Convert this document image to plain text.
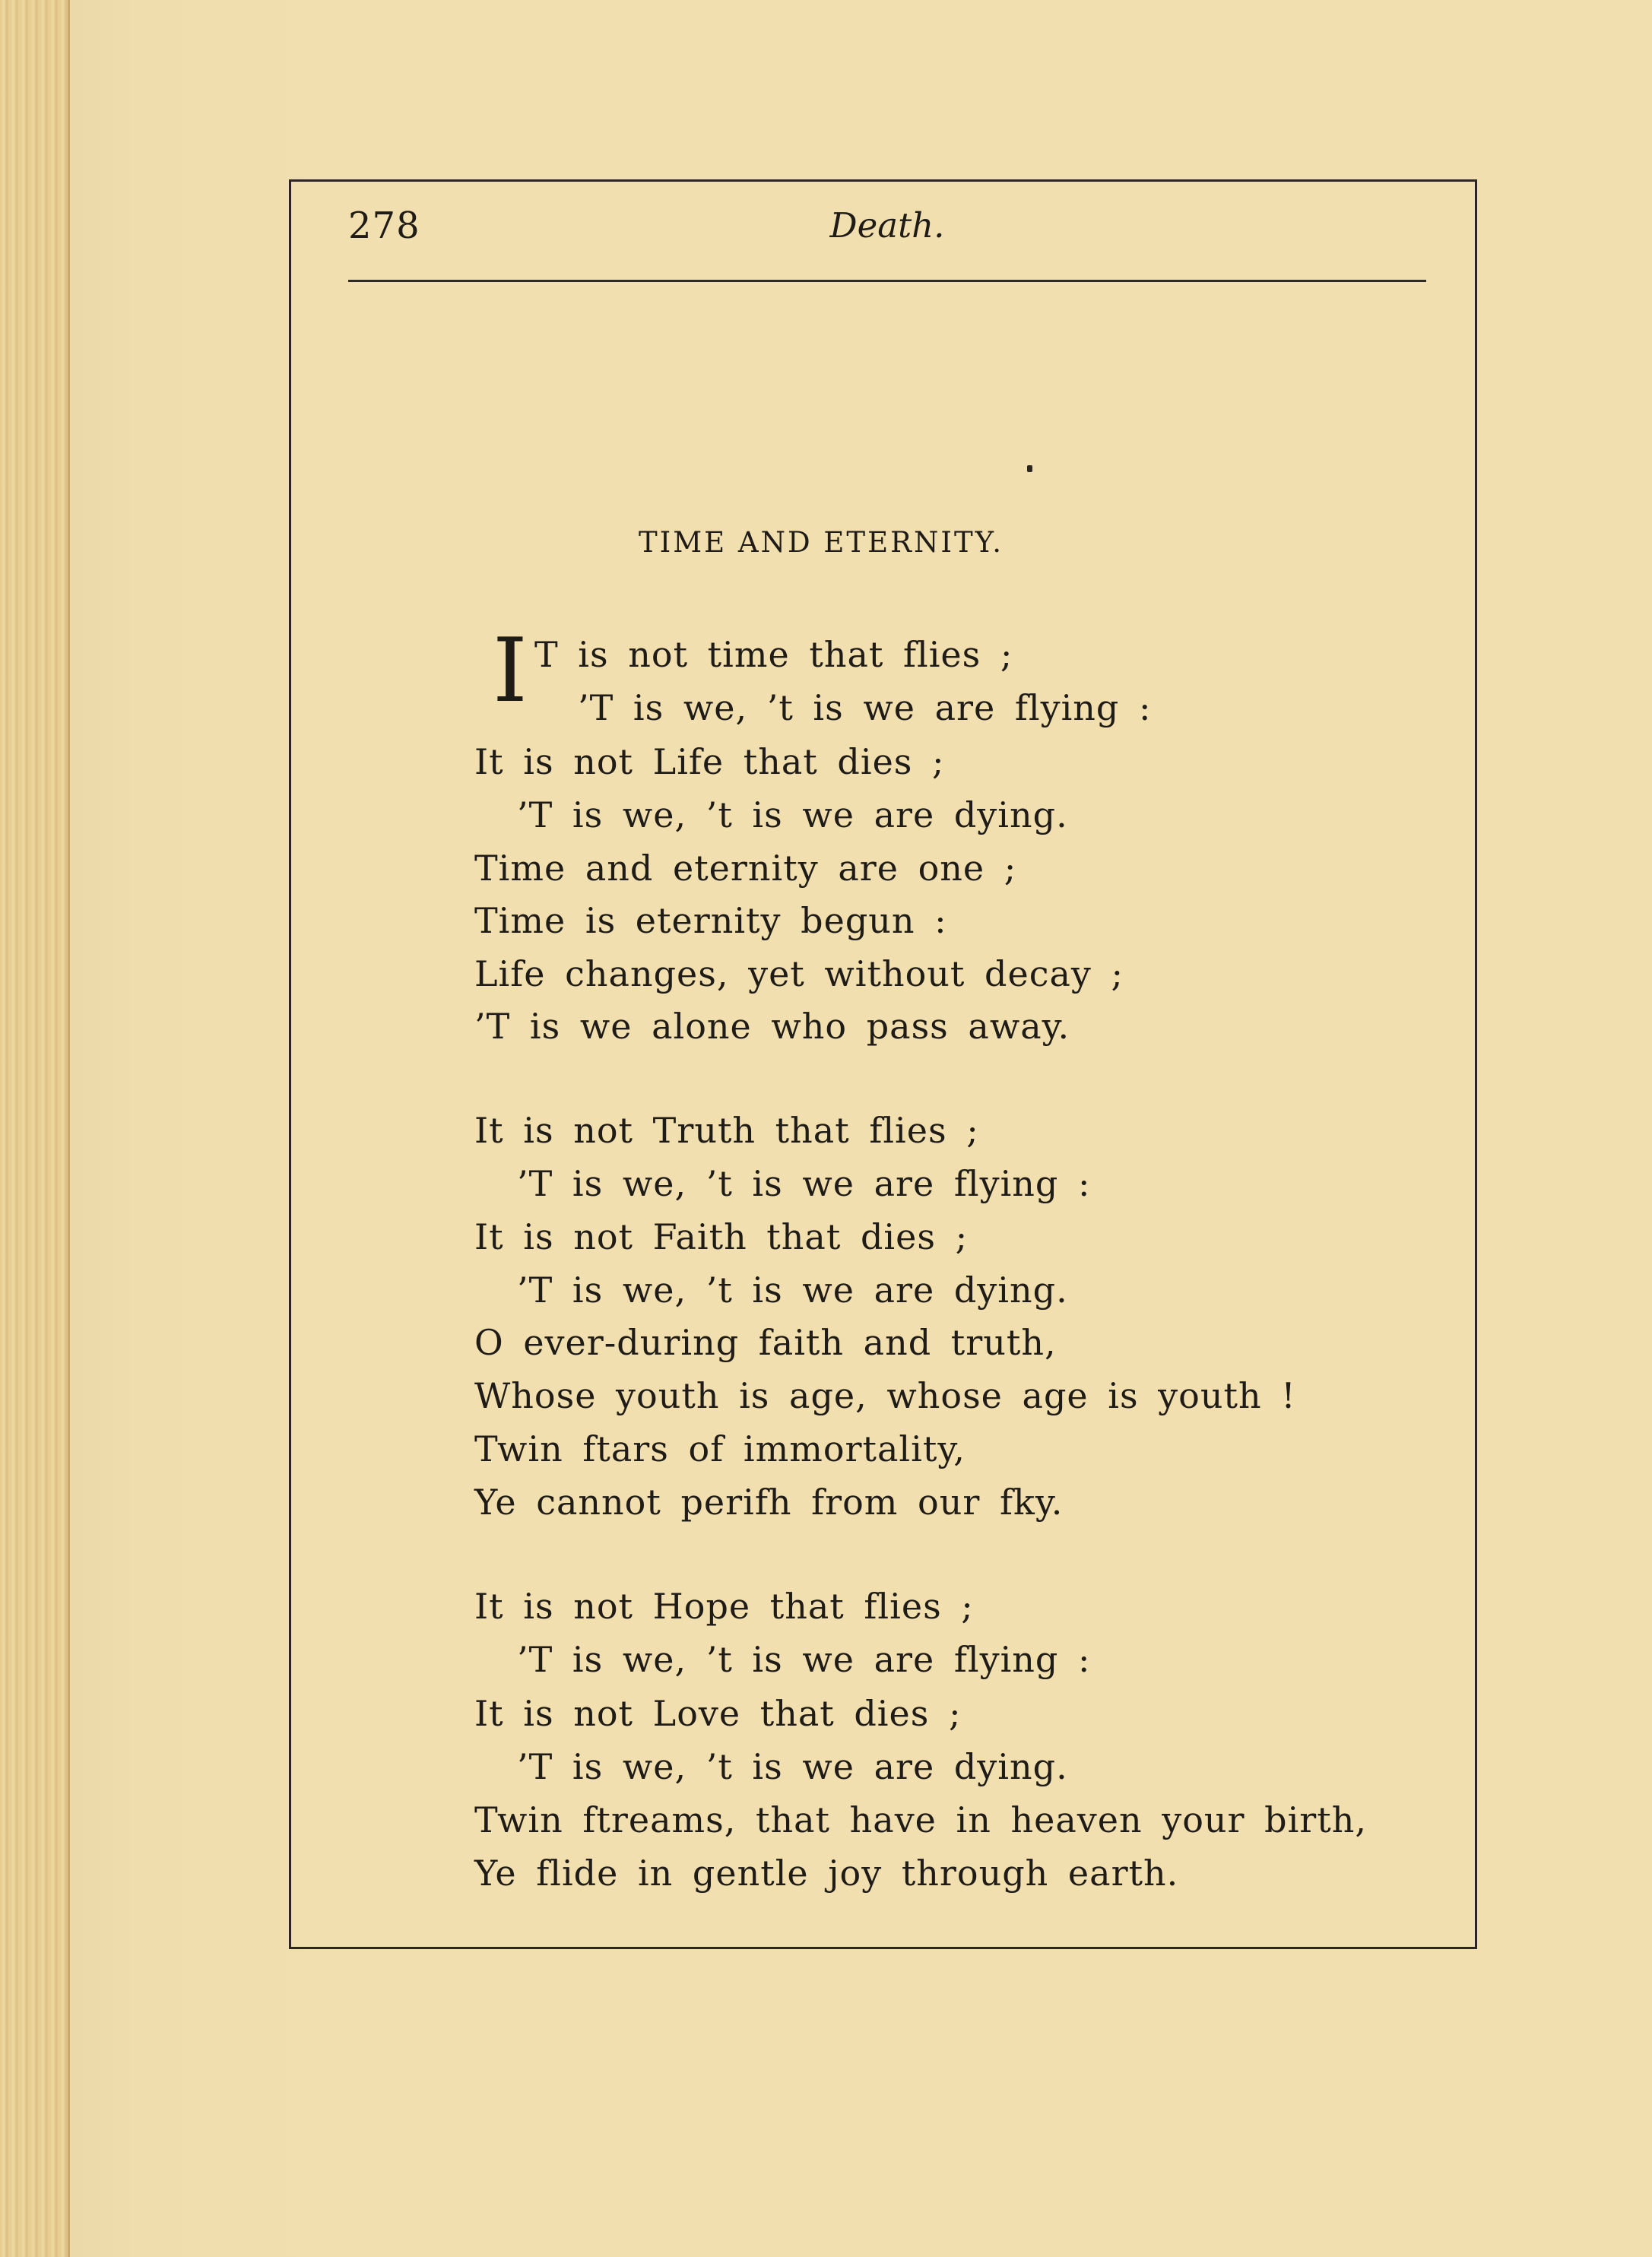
278	Death.
TIME AND ETERNITY.
I T is not time that flies ;
’T is we, ’t is we are flying :
It is not Life that dies ;
’T is we, ’t is we are dying.
Time and eternity are one ;
Time is eternity begun :
Life changes, yet without decay ;
’T is we alone who pass away.
It is not Truth that flies ;
’T is we, ’t is we are flying :
It is not Faith that dies ;
’T is we, ’t is we are dying.
O ever-during faith and truth,
Whose youth is age, whose age is youth !
Twin ftars of immortality,
Ye cannot perifh from our fky.
It is not Hope that flies ;
’T is we, ’t is we are flying :
It is not Love that dies ;
’T is we, ’t is we are dying.
Twin ftreams, that have in heaven your birth,
Ye flide in gentle joy through earth.
